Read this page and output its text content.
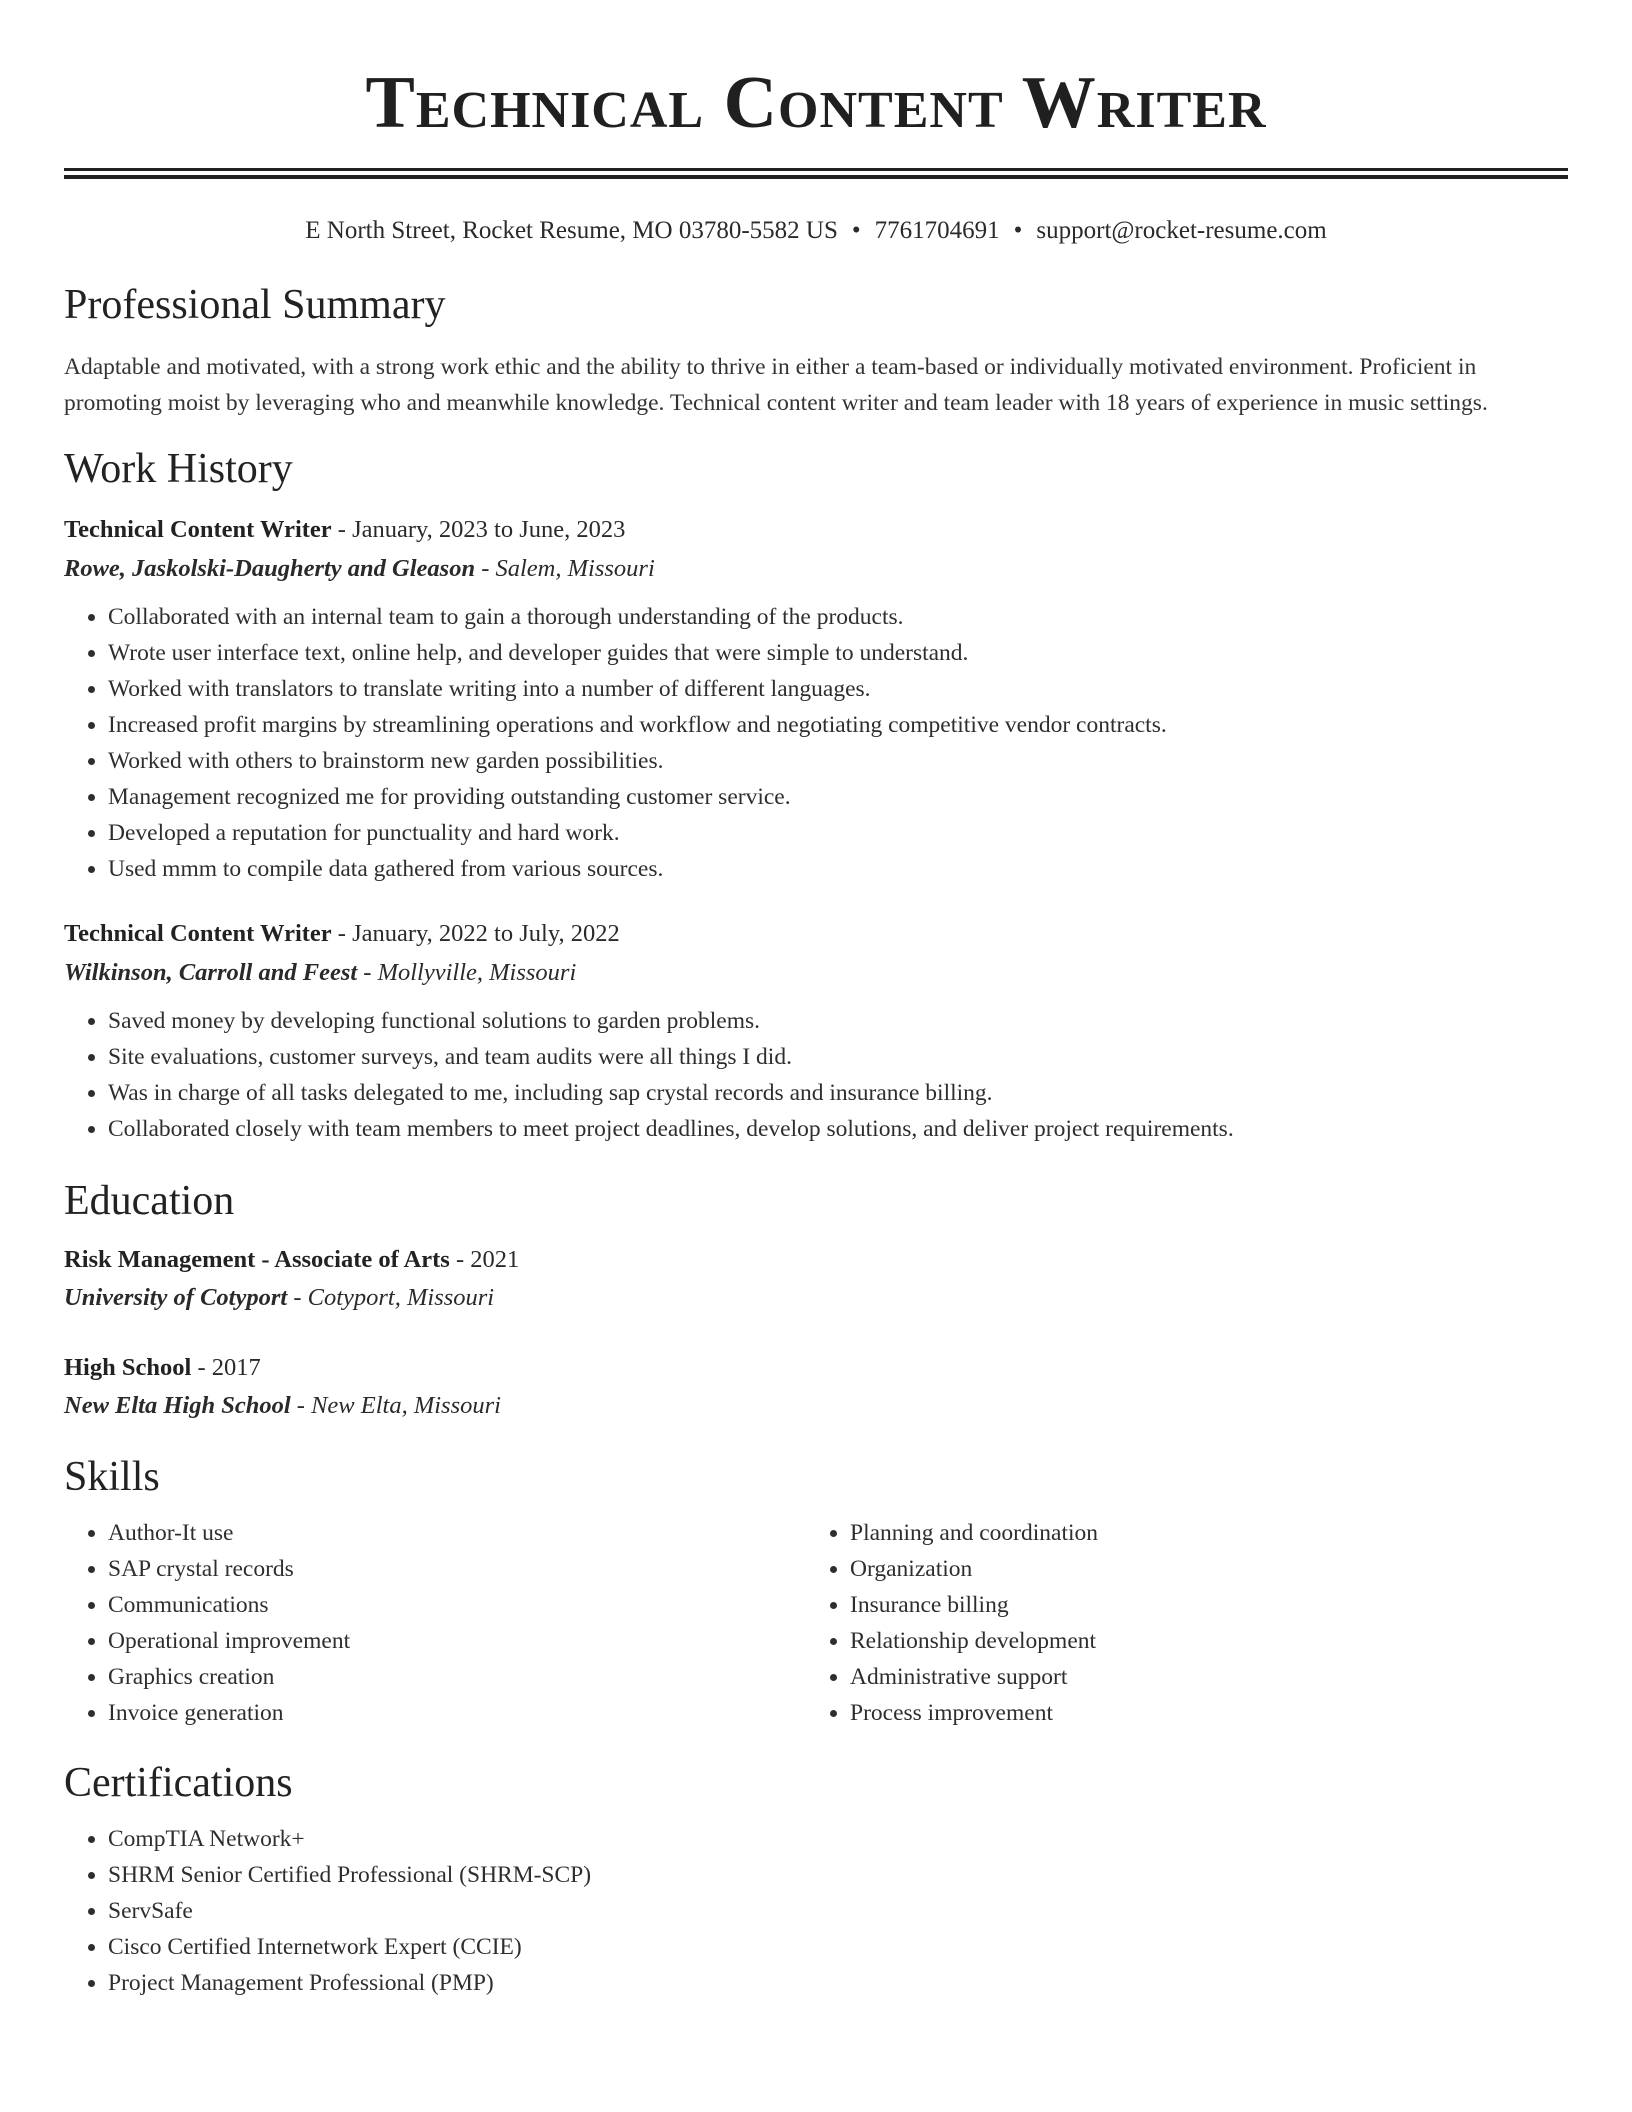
Technical Content Writer
E North Street, Rocket Resume, MO 03780-5582 US • 7761704691 • support@rocket-resume.com
Professional Summary
Adaptable and motivated, with a strong work ethic and the ability to thrive in either a team-based or individually motivated environment. Proficient in promoting moist by leveraging who and meanwhile knowledge. Technical content writer and team leader with 18 years of experience in music settings.
Work History
Technical Content Writer - January, 2023 to June, 2023
Rowe, Jaskolski-Daugherty and Gleason - Salem, Missouri
• Collaborated with an internal team to gain a thorough understanding of the products.
• Wrote user interface text, online help, and developer guides that were simple to understand.
• Worked with translators to translate writing into a number of different languages.
• Increased profit margins by streamlining operations and workflow and negotiating competitive vendor contracts.
• Worked with others to brainstorm new garden possibilities.
• Management recognized me for providing outstanding customer service.
• Developed a reputation for punctuality and hard work.
• Used mmm to compile data gathered from various sources.
Technical Content Writer - January, 2022 to July, 2022
Wilkinson, Carroll and Feest - Mollyville, Missouri
• Saved money by developing functional solutions to garden problems.
• Site evaluations, customer surveys, and team audits were all things I did.
• Was in charge of all tasks delegated to me, including sap crystal records and insurance billing.
• Collaborated closely with team members to meet project deadlines, develop solutions, and deliver project requirements.
Education
Risk Management - Associate of Arts - 2021
University of Cotyport - Cotyport, Missouri
High School - 2017
New Elta High School - New Elta, Missouri
Skills
• Author-It use
• SAP crystal records
• Communications
• Operational improvement
• Graphics creation
• Invoice generation
• Planning and coordination
• Organization
• Insurance billing
• Relationship development
• Administrative support
• Process improvement
Certifications
• CompTIA Network+
• SHRM Senior Certified Professional (SHRM-SCP)
• ServSafe
• Cisco Certified Internetwork Expert (CCIE)
• Project Management Professional (PMP)
